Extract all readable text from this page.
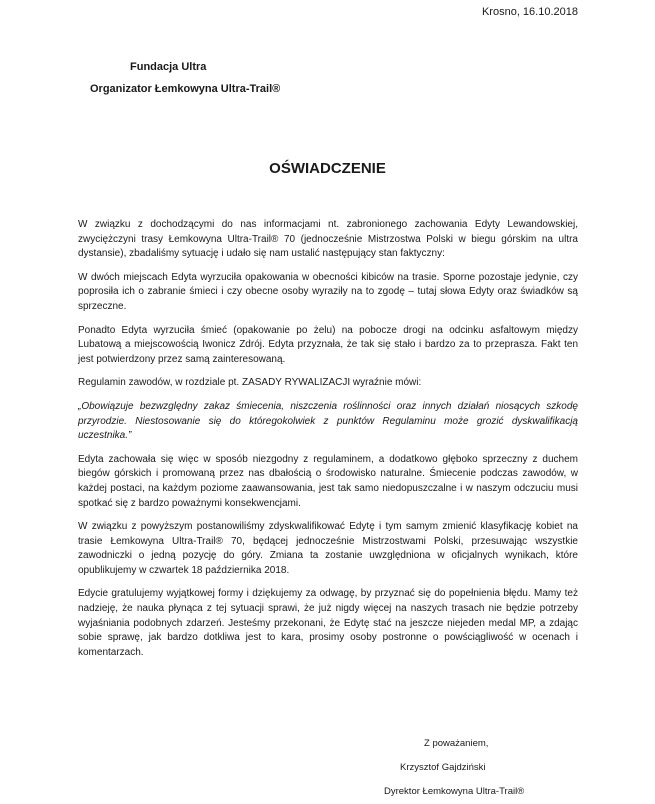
Krosno, 16.10.2018
Fundacja Ultra
Organizator Łemkowyna Ultra-Trail®
OŚWIADCZENIE

W związku z dochodzącymi do nas informacjami nt. zabronionego zachowania Edyty Lewandowskiej, zwyciężczyni trasy Łemkowyna Ultra-Trail® 70 (jednocześnie Mistrzostwa Polski w biegu górskim na ultra dystansie), zbadaliśmy sytuację i udało się nam ustalić następujący stan faktyczny:

W dwóch miejscach Edyta wyrzuciła opakowania w obecności kibiców na trasie. Sporne pozostaje jedynie, czy poprosiła ich o zabranie śmieci i czy obecne osoby wyraziły na to zgodę – tutaj słowa Edyty oraz świadków są sprzeczne.

Ponadto Edyta wyrzuciła śmieć (opakowanie po żelu) na pobocze drogi na odcinku asfaltowym między Lubatową a miejscowością Iwonicz Zdrój. Edyta przyznała, że tak się stało i bardzo za to przeprasza. Fakt ten jest potwierdzony przez samą zainteresowaną.

Regulamin zawodów, w rozdziale pt. ZASADY RYWALIZACJI wyraźnie mówi:

„Obowiązuje bezwzględny zakaz śmiecenia, niszczenia roślinności oraz innych działań niosących szkodę przyrodzie. Niestosowanie się do któregokolwiek z punktów Regulaminu może grozić dyskwalifikacją uczestnika.”

Edyta zachowała się więc w sposób niezgodny z regulaminem, a dodatkowo głęboko sprzeczny z duchem biegów górskich i promowaną przez nas dbałością o środowisko naturalne. Śmiecenie podczas zawodów, w każdej postaci, na każdym poziome zaawansowania, jest tak samo niedopuszczalne i w naszym odczuciu musi spotkać się z bardzo poważnymi konsekwencjami.

W związku z powyższym postanowiliśmy zdyskwalifikować Edytę i tym samym zmienić klasyfikację kobiet na trasie Łemkowyna Ultra-Trail® 70, będącej jednocześnie Mistrzostwami Polski, przesuwając wszystkie zawodniczki o jedną pozycję do góry. Zmiana ta zostanie uwzględniona w oficjalnych wynikach, które opublikujemy w czwartek 18 października 2018.

Edycie gratulujemy wyjątkowej formy i dziękujemy za odwagę, by przyznać się do popełnienia błędu. Mamy też nadzieję, że nauka płynąca z tej sytuacji sprawi, że już nigdy więcej na naszych trasach nie będzie potrzeby wyjaśniania podobnych zdarzeń. Jesteśmy przekonani, że Edytę stać na jeszcze niejeden medal MP, a zdając sobie sprawę, jak bardzo dotkliwa jest to kara, prosimy osoby postronne o powściągliwość w ocenach i komentarzach.

Z poważaniem,
Krzysztof Gajdziński
Dyrektor Łemkowyna Ultra-Trail®
